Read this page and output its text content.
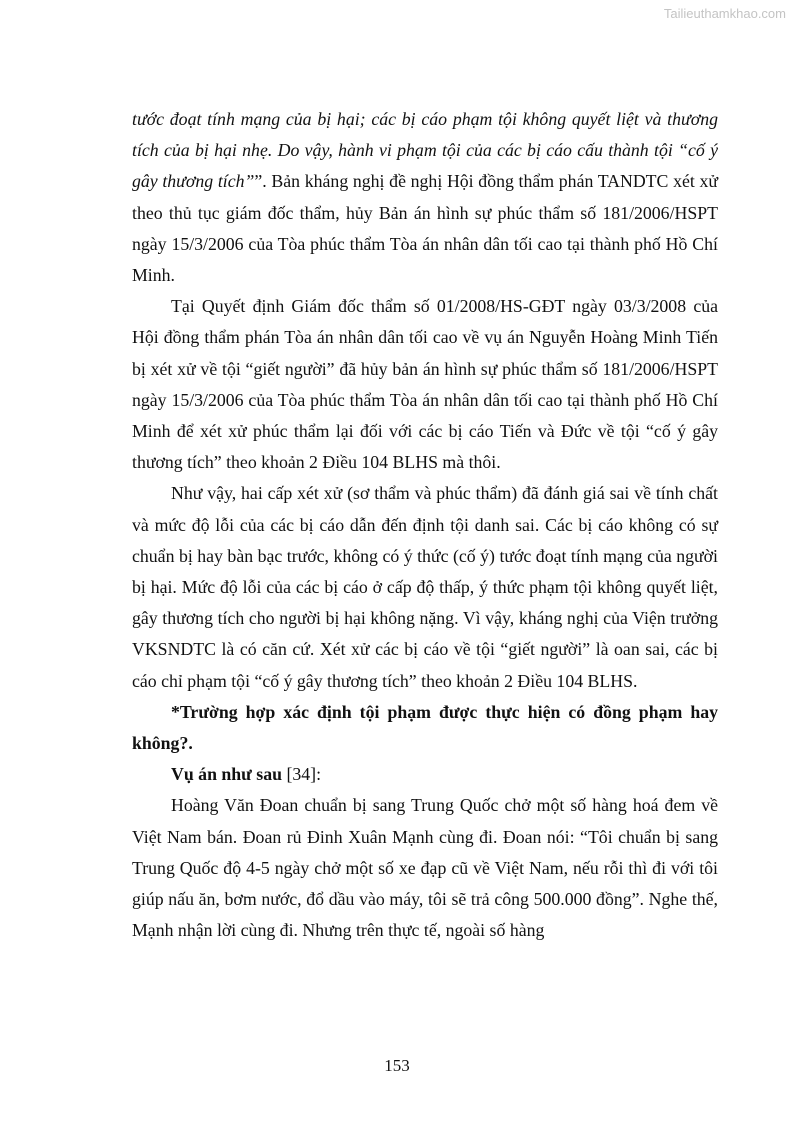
Tailieuthamkhao.com

tước đoạt tính mạng của bị hại; các bị cáo phạm tội không quyết liệt và thương tích của bị hại nhẹ. Do vậy, hành vi phạm tội của các bị cáo cấu thành tội “cố ý gây thương tích””. Bản kháng nghị đề nghị Hội đồng thẩm phán TANDTC xét xử theo thủ tục giám đốc thẩm, hủy Bản án hình sự phúc thẩm số 181/2006/HSPT ngày 15/3/2006 của Tòa phúc thẩm Tòa án nhân dân tối cao tại thành phố Hồ Chí Minh.

Tại Quyết định Giám đốc thẩm số 01/2008/HS-GĐT ngày 03/3/2008 của Hội đồng thẩm phán Tòa án nhân dân tối cao về vụ án Nguyễn Hoàng Minh Tiến bị xét xử về tội “giết người” đã hủy bản án hình sự phúc thẩm số 181/2006/HSPT ngày 15/3/2006 của Tòa phúc thẩm Tòa án nhân dân tối cao tại thành phố Hồ Chí Minh để xét xử phúc thẩm lại đối với các bị cáo Tiến và Đức về tội “cố ý gây thương tích” theo khoản 2 Điều 104 BLHS mà thôi.

Như vậy, hai cấp xét xử (sơ thẩm và phúc thẩm) đã đánh giá sai về tính chất và mức độ lỗi của các bị cáo dẫn đến định tội danh sai. Các bị cáo không có sự chuẩn bị hay bàn bạc trước, không có ý thức (cố ý) tước đoạt tính mạng của người bị hại. Mức độ lỗi của các bị cáo ở cấp độ thấp, ý thức phạm tội không quyết liệt, gây thương tích cho người bị hại không nặng. Vì vậy, kháng nghị của Viện trưởng VKSNDTC là có căn cứ. Xét xử các bị cáo về tội “giết người” là oan sai, các bị cáo chỉ phạm tội “cố ý gây thương tích” theo khoản 2 Điều 104 BLHS.

*Trường hợp xác định tội phạm được thực hiện có đồng phạm hay không?.

Vụ án như sau [34]:

Hoàng Văn Đoan chuẩn bị sang Trung Quốc chở một số hàng hoá đem về Việt Nam bán. Đoan rủ Đinh Xuân Mạnh cùng đi. Đoan nói: “Tôi chuẩn bị sang Trung Quốc độ 4-5 ngày chở một số xe đạp cũ về Việt Nam, nếu rỗi thì đi với tôi giúp nấu ăn, bơm nước, đổ dầu vào máy, tôi sẽ trả công 500.000 đồng”. Nghe thế, Mạnh nhận lời cùng đi. Nhưng trên thực tế, ngoài số hàng

153
